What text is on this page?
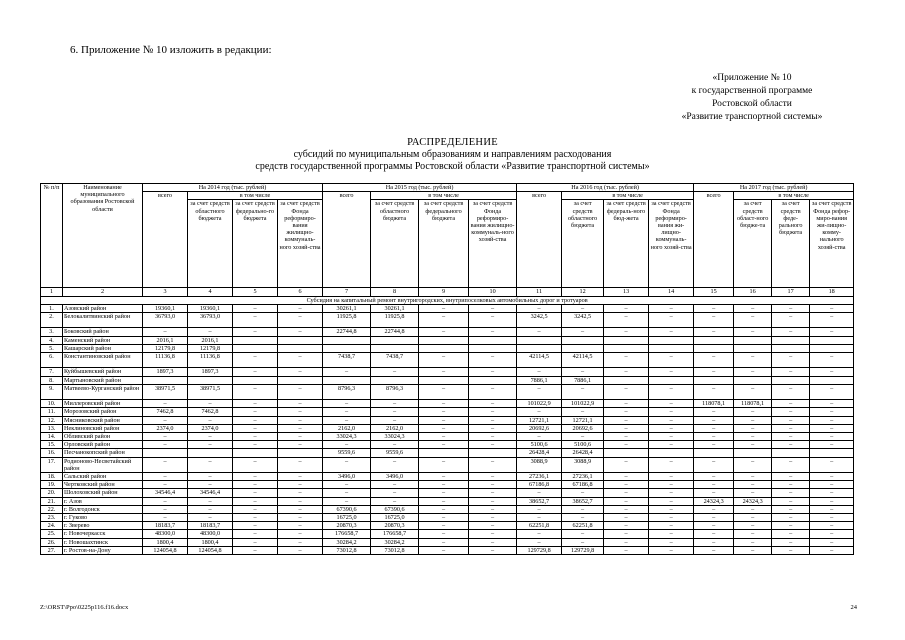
6. Приложение № 10 изложить в редакции:
«Приложение № 10
к государственной программе
Ростовской области
«Развитие транспортной системы»
РАСПРЕДЕЛЕНИЕ
субсидий по муниципальным образованиям и направлениям расходования
средств государственной программы Ростовской области «Развитие транспортной системы»
№ п/п	Наименование муниципального образования Ростовской области	На 2014 год (тыс. рублей)				На 2015 год (тыс. рублей)				На 2016 год (тыс. рублей)				На 2017 год (тыс. рублей)			
		всего	в том числе			всего	в том числе			всего	в том числе			всего	в том числе		
			за счет средств областного бюджета	за счет средств федерально-го бюджета	за счет средств Фонда реформиро-вания жилищно-коммуналь-ного хозяй-ства		за счет средств областного бюджета	за счет средств федерального бюджета	за счет средств Фонда реформиро-вания жилищно-коммуналь-ного хозяй-ства		за счет средств областного бюджета	за счет средств федераль-ного бюд-жета	за счет средств Фонда реформиро-вания жи-лищно-коммуналь-ного хозяй-ства		за счет средств област-ного бюдже-та	за счет средств феде-рального бюджета	за счет средств Фонда рефор-миро-вания жи-лищно-комму-нального хозяй-ства
1	2	3	4	5	6	7	8	9	10	11	12	13	14	15	16	17	18
Субсидия на капитальный ремонт внутригородских, внутрипоселковых автомобильных дорог и тротуаров																	
1.	Азовский район	19360,1	19360,1	–	–	30261,1	30261,1	–	–	–	–	–	–	–	–	–	–
2.	Белокалитвинский район	36793,0	36793,0	–	–	11925,8	11925,8	–	–	3242,5	3242,5	–	–	–	–	–	–
3.	Боковский район	–	–	–	–	22744,8	22744,8	–	–	–	–	–	–	–	–	–	–
4.	Каменский район	2016,1	2016,1														
5.	Кашарский район	12179,8	12179,8														
6.	Константиновский район	11136,8	11136,8	–	–	7438,7	7438,7	–	–	42114,5	42114,5	–	–	–	–	–	–
7.	Куйбышевский район	1897,3	1897,3	–	–	–	–	–	–	–	–	–	–	–	–	–	–
8.	Мартыновский район									7886,1	7886,1						
9.	Матвеево-Курганский район	38971,5	38971,5	–	–	8796,3	8796,3	–	–	–	–	–	–	–	–	–	–
10.	Миллеровский район	–	–	–	–	–	–	–	–	101022,9	101022,9	–	–	118078,1	118078,1	–	–
11.	Морозовский район	7462,8	7462,8	–	–	–	–	–	–	–	–	–	–	–	–	–	–
12.	Мясниковский район	–	–	–	–	–	–	–	–	12721,1	12721,1	–	–	–	–	–	–
13.	Неклиновский район	2374,0	2374,0	–	–	2162,0	2162,0	–	–	20692,6	20692,6	–	–	–	–	–	–
14.	Обливский район	–	–	–	–	33024,3	33024,3	–	–	–	–	–	–	–	–	–	–
15.	Орловский район	–	–	–	–	–	–	–	–	5100,6	5100,6	–	–	–	–	–	–
16.	Песчанокопский район					9559,6	9559,6			26428,4	26428,4						
17.	Родионово-Несветайский район	–	–	–	–	–	–	–	–	3088,9	3088,9	–	–	–	–	–	–
18.	Сальский район	–	–	–	–	3496,0	3496,0	–	–	27236,1	27236,1	–	–	–	–	–	–
19.	Чертковский район	–	–	–	–	–	–	–	–	67186,8	67186,8	–	–	–	–	–	–
20.	Шолоховский район	34546,4	34546,4	–	–	–	–	–	–	–	–	–	–	–	–	–	–
21.	г. Азов	–	–	–	–	–	–	–	–	38652,7	38652,7	–	–	24324,3	24324,3	–	–
22.	г. Волгодонск	–	–	–	–	67390,6	67390,6	–	–	–	–	–	–	–	–	–	–
23.	г. Гуково	–	–	–	–	16725,0	16725,0	–	–	–	–	–	–	–	–	–	–
24.	г. Зверево	18183,7	18183,7	–	–	20870,3	20870,3	–	–	62251,8	62251,8	–	–	–	–	–	–
25.	г. Новочеркасск	48300,0	48300,0	–	–	176658,7	176658,7	–	–	–	–	–	–	–	–	–	–
26.	г. Новошахтинск	1800,4	1800,4	–	–	30284,2	30284,2	–	–	–	–	–	–	–	–	–	–
27.	г. Ростов-на-Дону	124054,8	124054,8	–	–	73012,8	73012,8	–	–	129729,8	129729,8	–	–	–	–	–	–
Z:\ORST\Ppo\0225p116.f16.docx	24
